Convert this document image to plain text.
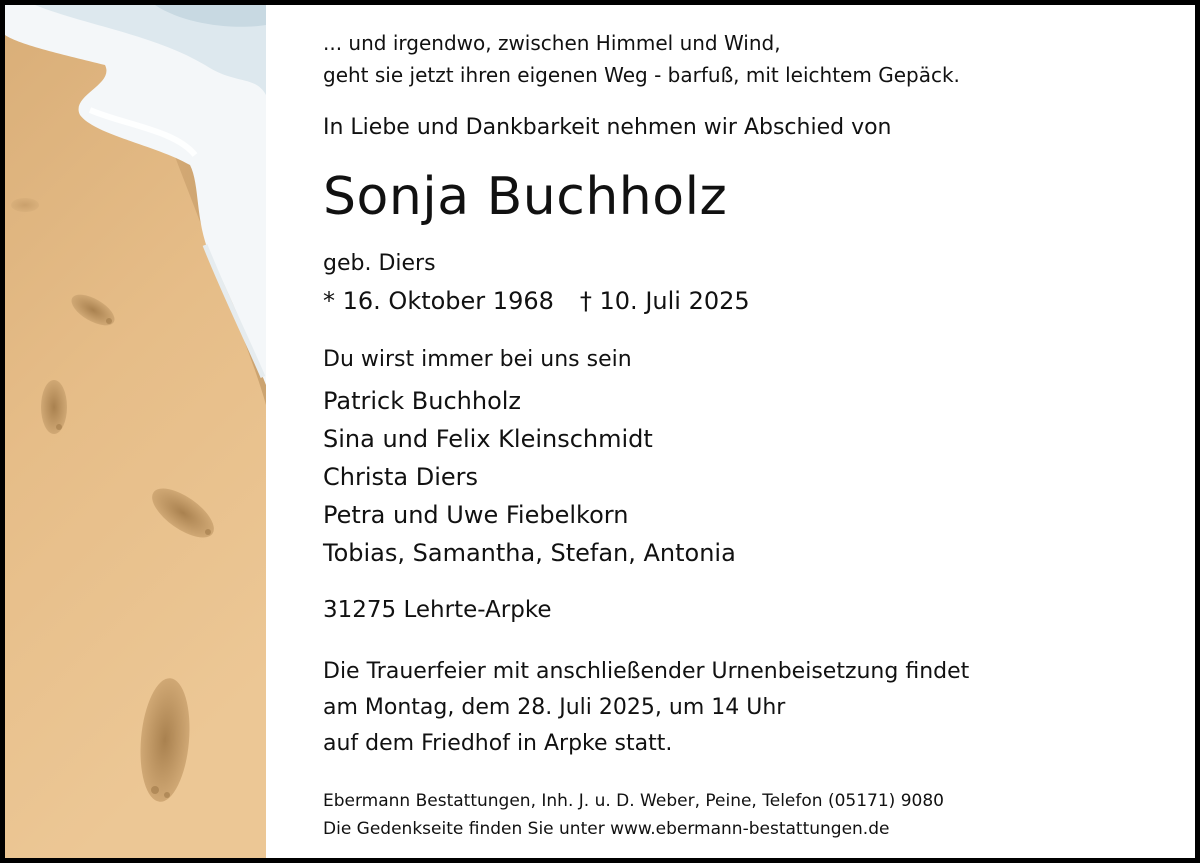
... und irgendwo, zwischen Himmel und Wind,
geht sie jetzt ihren eigenen Weg - barfuß, mit leichtem Gepäck.
In Liebe und Dankbarkeit nehmen wir Abschied von
Sonja Buchholz
geb. Diers
* 16. Oktober 1968 † 10. Juli 2025
Du wirst immer bei uns sein
Patrick Buchholz
Sina und Felix Kleinschmidt
Christa Diers
Petra und Uwe Fiebelkorn
Tobias, Samantha, Stefan, Antonia
31275 Lehrte-Arpke
Die Trauerfeier mit anschließender Urnenbeisetzung findet
am Montag, dem 28. Juli 2025, um 14 Uhr
auf dem Friedhof in Arpke statt.
Ebermann Bestattungen, Inh. J. u. D. Weber, Peine, Telefon (05171) 9080
Die Gedenkseite finden Sie unter www.ebermann-bestattungen.de
